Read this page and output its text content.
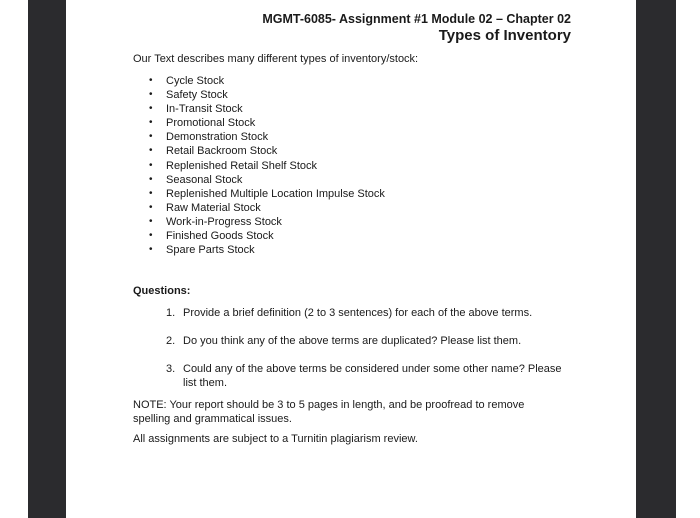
MGMT-6085- Assignment #1 Module 02 – Chapter 02
Types of Inventory
Our Text describes many different types of inventory/stock:
• Cycle Stock
• Safety Stock
• In-Transit Stock
• Promotional Stock
• Demonstration Stock
• Retail Backroom Stock
• Replenished Retail Shelf Stock
• Seasonal Stock
• Replenished Multiple Location Impulse Stock
• Raw Material Stock
• Work-in-Progress Stock
• Finished Goods Stock
• Spare Parts Stock
Questions:
1. Provide a brief definition (2 to 3 sentences) for each of the above terms.
2. Do you think any of the above terms are duplicated? Please list them.
3. Could any of the above terms be considered under some other name? Please list them.
NOTE: Your report should be 3 to 5 pages in length, and be proofread to remove spelling and grammatical issues.
All assignments are subject to a Turnitin plagiarism review.
